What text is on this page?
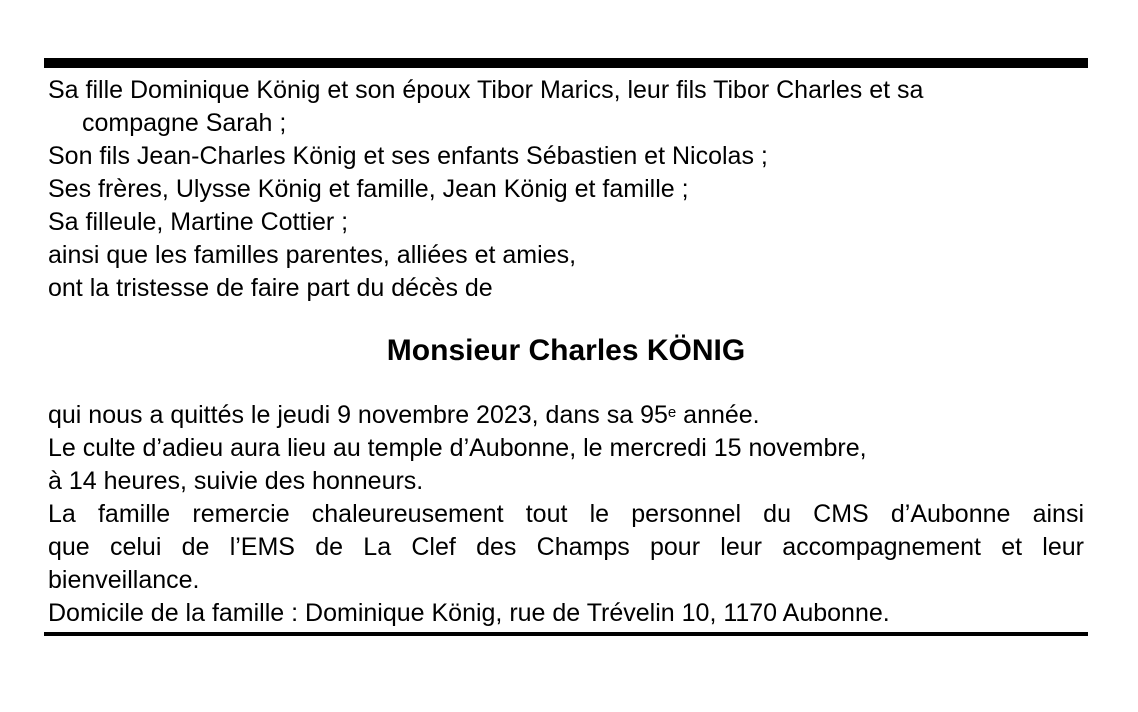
Sa fille Dominique König et son époux Tibor Marics, leur fils Tibor Charles et sa
compagne Sarah ;
Son fils Jean-Charles König et ses enfants Sébastien et Nicolas ;
Ses frères, Ulysse König et famille, Jean König et famille ;
Sa filleule, Martine Cottier ;
ainsi que les familles parentes, alliées et amies,
ont la tristesse de faire part du décès de
Monsieur Charles KÖNIG
qui nous a quittés le jeudi 9 novembre 2023, dans sa 95e année.
Le culte d’adieu aura lieu au temple d’Aubonne, le mercredi 15 novembre,
à 14 heures, suivie des honneurs.
La famille remercie chaleureusement tout le personnel du CMS d’Aubonne ainsi
que celui de l’EMS de La Clef des Champs pour leur accompagnement et leur
bienveillance.
Domicile de la famille : Dominique König, rue de Trévelin 10, 1170 Aubonne.
